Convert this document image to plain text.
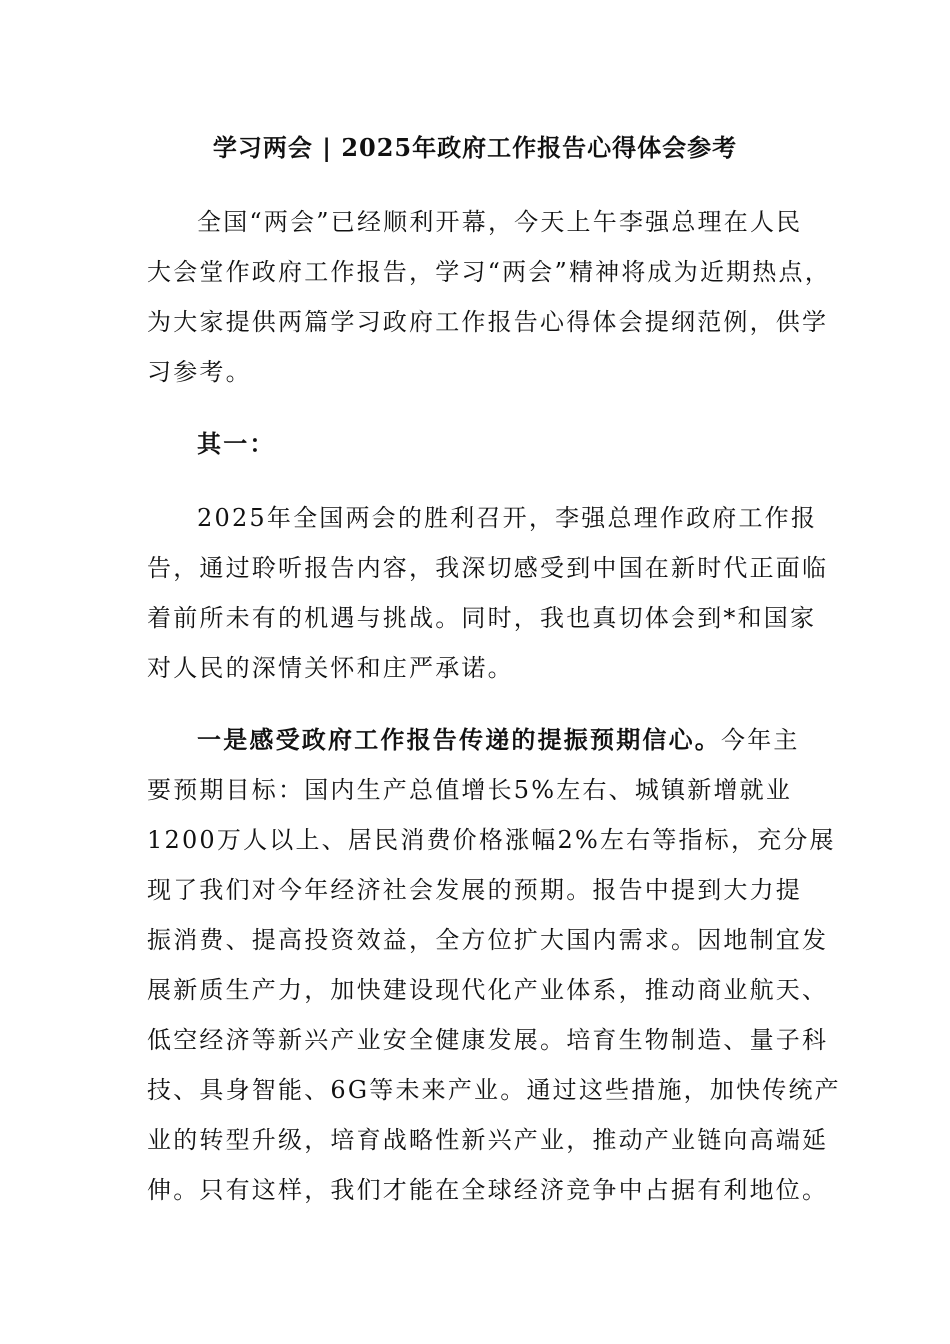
学习两会 | 2025年政府工作报告心得体会参考
全国“两会”已经顺利开幕，今天上午李强总理在人民
大会堂作政府工作报告，学习“两会”精神将成为近期热点，
为大家提供两篇学习政府工作报告心得体会提纲范例，供学
习参考。
其一：
2025年全国两会的胜利召开，李强总理作政府工作报
告，通过聆听报告内容，我深切感受到中国在新时代正面临
着前所未有的机遇与挑战。同时，我也真切体会到*和国家
对人民的深情关怀和庄严承诺。
一是感受政府工作报告传递的提振预期信心。今年主
要预期目标：国内生产总值增长5%左右、城镇新增就业
1200万人以上、居民消费价格涨幅2%左右等指标，充分展
现了我们对今年经济社会发展的预期。报告中提到大力提
振消费、提高投资效益，全方位扩大国内需求。因地制宜发
展新质生产力，加快建设现代化产业体系，推动商业航天、
低空经济等新兴产业安全健康发展。培育生物制造、量子科
技、具身智能、6G等未来产业。通过这些措施，加快传统产
业的转型升级，培育战略性新兴产业，推动产业链向高端延
伸。只有这样，我们才能在全球经济竞争中占据有利地位。
